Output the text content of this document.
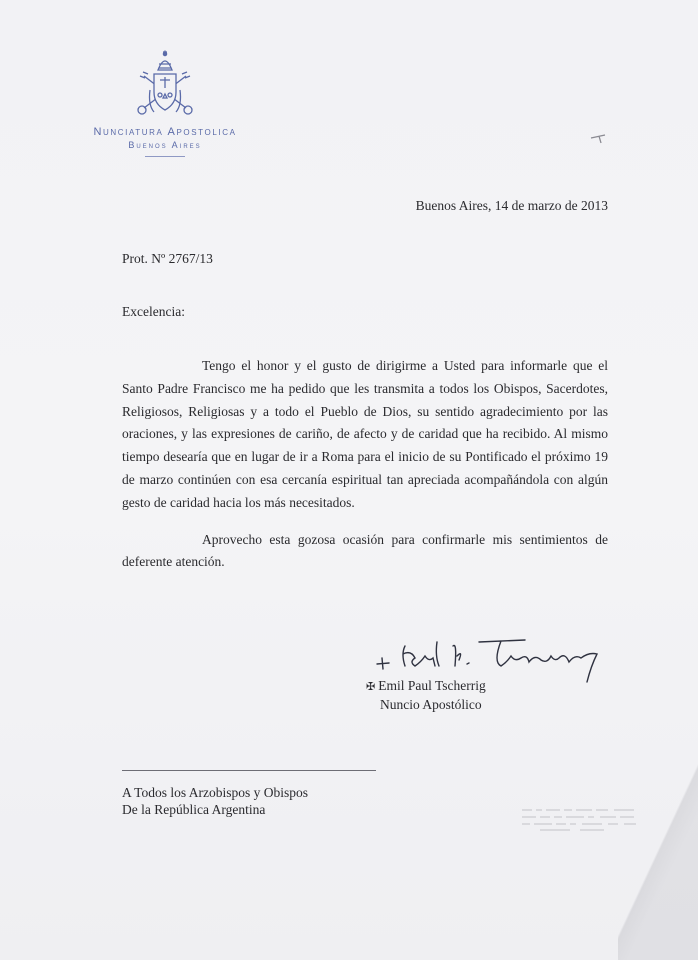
Nunciatura Apostolica
Buenos Aires
Buenos Aires, 14 de marzo de 2013
Prot. Nº 2767/13
Excelencia:

Tengo el honor y el gusto de dirigirme a Usted para informarle que el Santo Padre Francisco me ha pedido que les transmita a todos los Obispos, Sacerdotes, Religiosos, Religiosas y a todo el Pueblo de Dios, su sentido agradecimiento por las oraciones, y las expresiones de cariño, de afecto y de caridad que ha recibido. Al mismo tiempo desearía que en lugar de ir a Roma para el inicio de su Pontificado el próximo 19 de marzo continúen con esa cercanía espiritual tan apreciada acompañándola con algún gesto de caridad hacia los más necesitados.

Aprovecho esta gozosa ocasión para confirmarle mis sentimientos de deferente atención.

✠ Emil Paul Tscherrig
Nuncio Apostólico
A Todos los Arzobispos y Obispos
De la República Argentina
